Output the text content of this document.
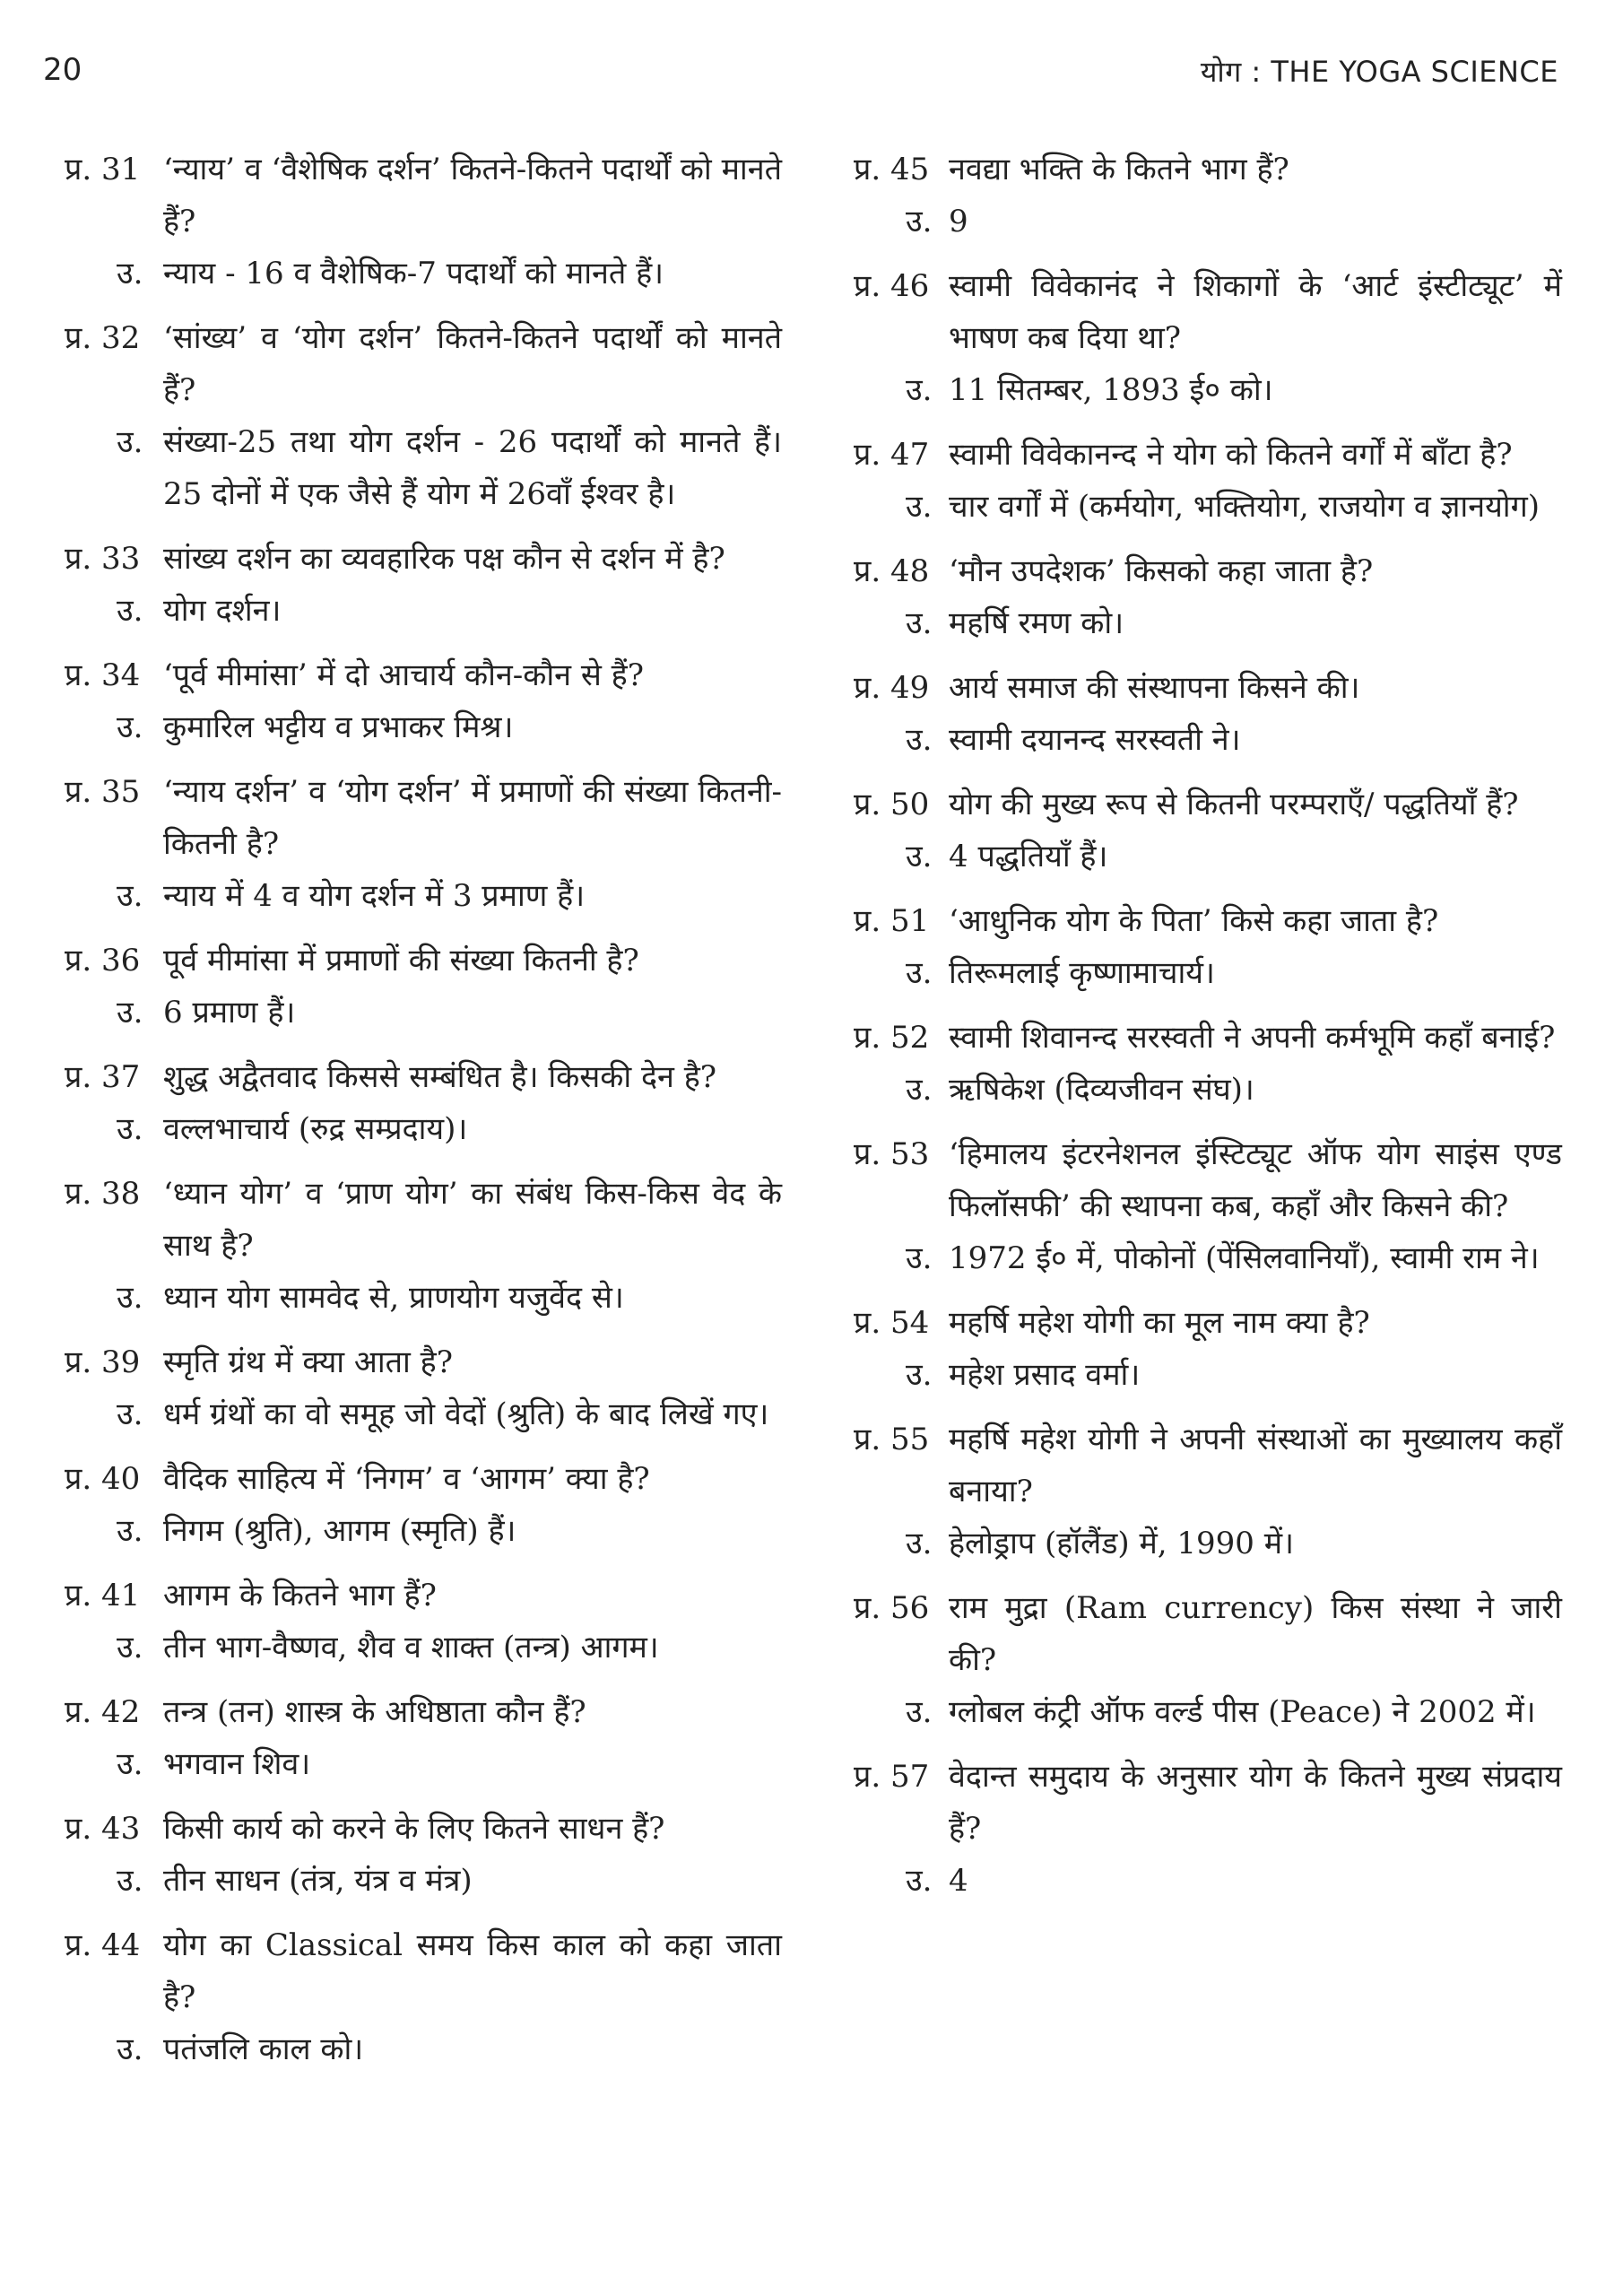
20	योग : THE YOGA SCIENCE
प्र. 31 ‘न्याय’ व ‘वैशेषिक दर्शन’ कितने-कितने पदार्थों को मानते हैं?
उ. न्याय - 16 व वैशेषिक-7 पदार्थों को मानते हैं।
प्र. 32 ‘सांख्य’ व ‘योग दर्शन’ कितने-कितने पदार्थों को मानते हैं?
उ. संख्या-25 तथा योग दर्शन - 26 पदार्थों को मानते हैं। 25 दोनों में एक जैसे हैं योग में 26वाँ ईश्वर है।
प्र. 33 सांख्य दर्शन का व्यवहारिक पक्ष कौन से दर्शन में है?
उ. योग दर्शन।
प्र. 34 ‘पूर्व मीमांसा’ में दो आचार्य कौन-कौन से हैं?
उ. कुमारिल भट्टीय व प्रभाकर मिश्र।
प्र. 35 ‘न्याय दर्शन’ व ‘योग दर्शन’ में प्रमाणों की संख्या कितनी-कितनी है?
उ. न्याय में 4 व योग दर्शन में 3 प्रमाण हैं।
प्र. 36 पूर्व मीमांसा में प्रमाणों की संख्या कितनी है?
उ. 6 प्रमाण हैं।
प्र. 37 शुद्ध अद्वैतवाद किससे सम्बंधित है। किसकी देन है?
उ. वल्लभाचार्य (रुद्र सम्प्रदाय)।
प्र. 38 ‘ध्यान योग’ व ‘प्राण योग’ का संबंध किस-किस वेद के साथ है?
उ. ध्यान योग सामवेद से, प्राणयोग यजुर्वेद से।
प्र. 39 स्मृति ग्रंथ में क्या आता है?
उ. धर्म ग्रंथों का वो समूह जो वेदों (श्रुति) के बाद लिखें गए।
प्र. 40 वैदिक साहित्य में ‘निगम’ व ‘आगम’ क्या है?
उ. निगम (श्रुति), आगम (स्मृति) हैं।
प्र. 41 आगम के कितने भाग हैं?
उ. तीन भाग-वैष्णव, शैव व शाक्त (तन्त्र) आगम।
प्र. 42 तन्त्र (तन) शास्त्र के अधिष्ठाता कौन हैं?
उ. भगवान शिव।
प्र. 43 किसी कार्य को करने के लिए कितने साधन हैं?
उ. तीन साधन (तंत्र, यंत्र व मंत्र)
प्र. 44 योग का Classical समय किस काल को कहा जाता है?
उ. पतंजलि काल को।
प्र. 45 नवद्या भक्ति के कितने भाग हैं?
उ. 9
प्र. 46 स्वामी विवेकानंद ने शिकागों के ‘आर्ट इंस्टीट्यूट’ में भाषण कब दिया था?
उ. 11 सितम्बर, 1893 ई० को।
प्र. 47 स्वामी विवेकानन्द ने योग को कितने वर्गों में बाँटा है?
उ. चार वर्गों में (कर्मयोग, भक्तियोग, राजयोग व ज्ञानयोग)
प्र. 48 ‘मौन उपदेशक’ किसको कहा जाता है?
उ. महर्षि रमण को।
प्र. 49 आर्य समाज की संस्थापना किसने की।
उ. स्वामी दयानन्द सरस्वती ने।
प्र. 50 योग की मुख्य रूप से कितनी परम्पराएँ/ पद्धतियाँ हैं?
उ. 4 पद्धतियाँ हैं।
प्र. 51 ‘आधुनिक योग के पिता’ किसे कहा जाता है?
उ. तिरूमलाई कृष्णामाचार्य।
प्र. 52 स्वामी शिवानन्द सरस्वती ने अपनी कर्मभूमि कहाँ बनाई?
उ. ऋषिकेश (दिव्यजीवन संघ)।
प्र. 53 ‘हिमालय इंटरनेशनल इंस्टिट्यूट ऑफ योग साइंस एण्ड फिलॉसफी’ की स्थापना कब, कहाँ और किसने की?
उ. 1972 ई० में, पोकोनों (पेंसिलवानियाँ), स्वामी राम ने।
प्र. 54 महर्षि महेश योगी का मूल नाम क्या है?
उ. महेश प्रसाद वर्मा।
प्र. 55 महर्षि महेश योगी ने अपनी संस्थाओं का मुख्यालय कहाँ बनाया?
उ. हेलोड्राप (हॉलैंड) में, 1990 में।
प्र. 56 राम मुद्रा (Ram currency) किस संस्था ने जारी की?
उ. ग्लोबल कंट्री ऑफ वर्ल्ड पीस (Peace) ने 2002 में।
प्र. 57 वेदान्त समुदाय के अनुसार योग के कितने मुख्य संप्रदाय हैं?
उ. 4
